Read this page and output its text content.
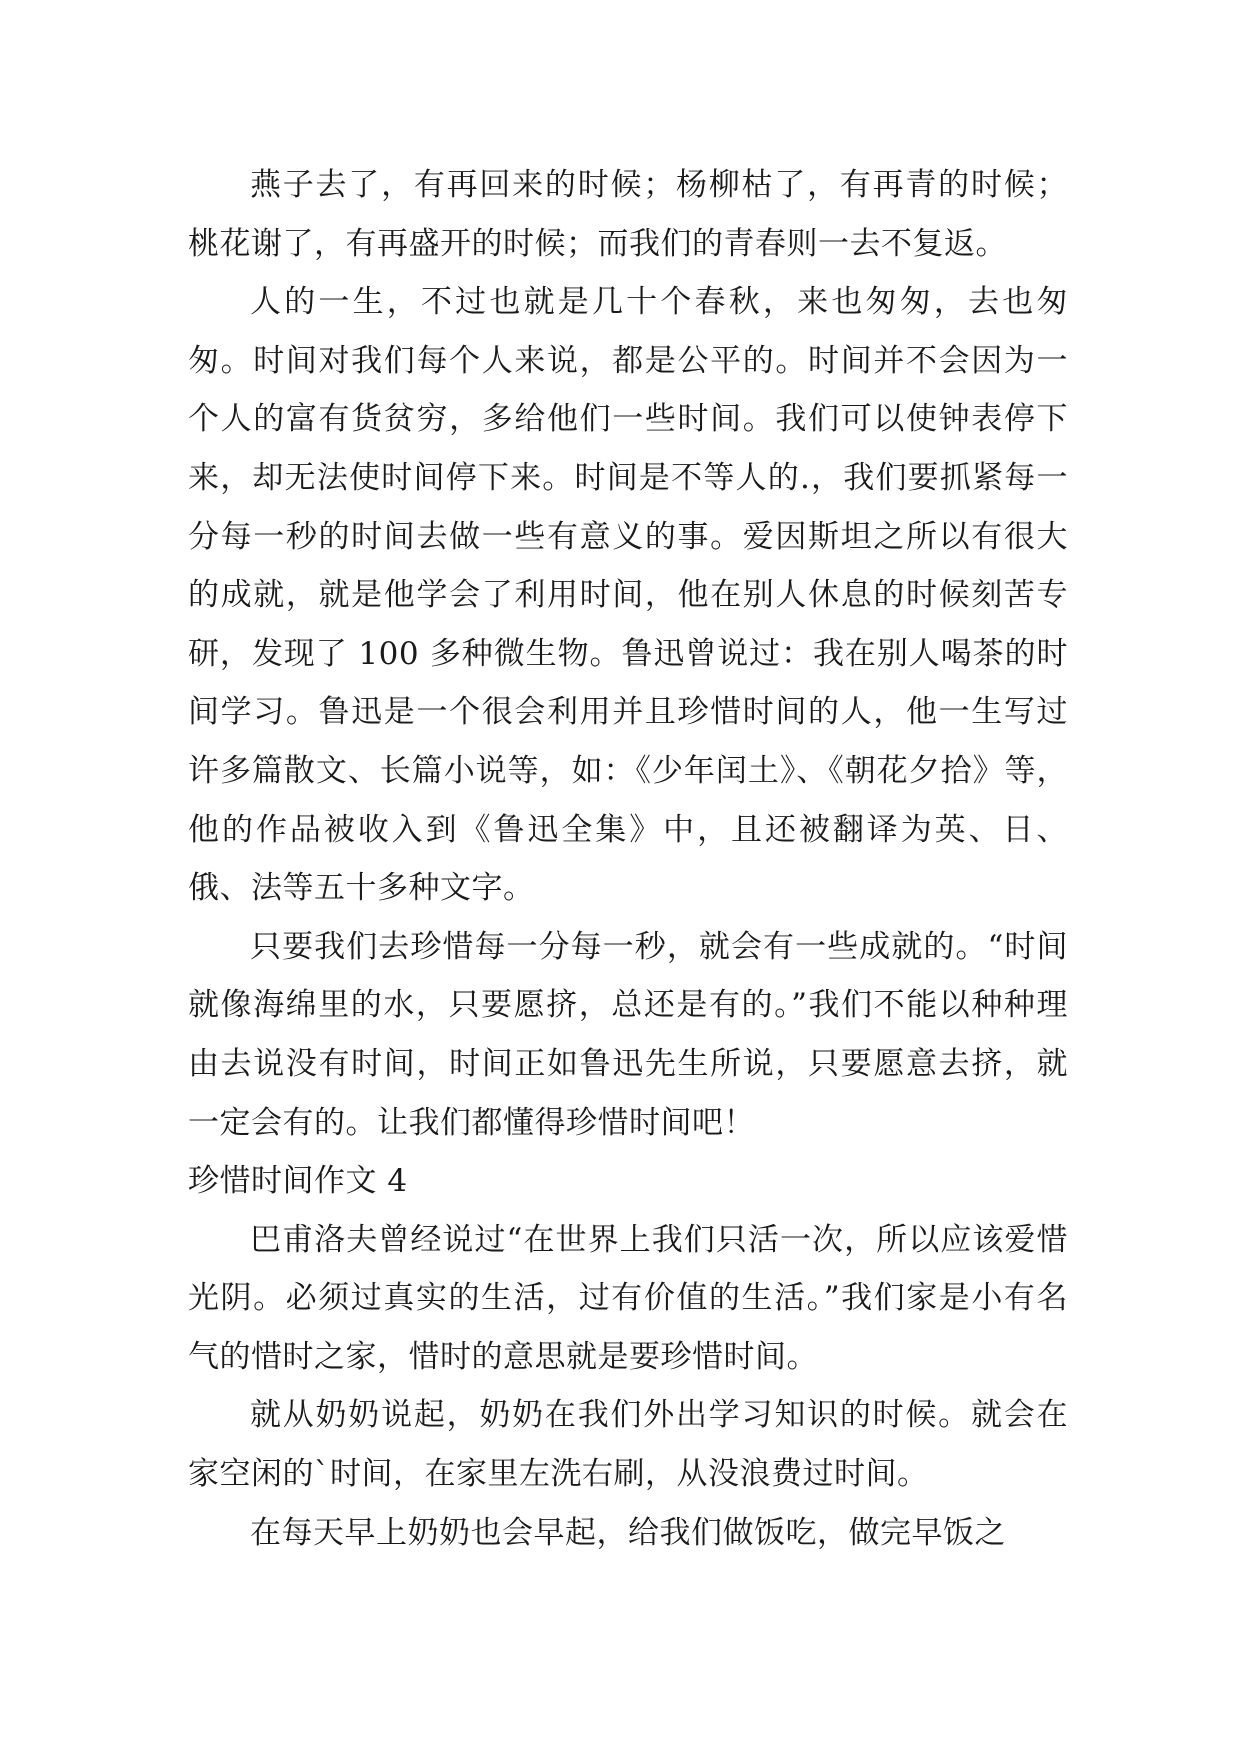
燕子去了，有再回来的时候；杨柳枯了，有再青的时候；桃花谢了，有再盛开的时候；而我们的青春则一去不复返。

人的一生，不过也就是几十个春秋，来也匆匆，去也匆匆。时间对我们每个人来说，都是公平的。时间并不会因为一个人的富有货贫穷，多给他们一些时间。我们可以使钟表停下来，却无法使时间停下来。时间是不等人的.，我们要抓紧每一分每一秒的时间去做一些有意义的事。爱因斯坦之所以有很大的成就，就是他学会了利用时间，他在别人休息的时候刻苦专研，发现了 100 多种微生物。鲁迅曾说过：我在别人喝茶的时间学习。鲁迅是一个很会利用并且珍惜时间的人，他一生写过许多篇散文、长篇小说等，如：《少年闰土》、《朝花夕拾》等，他的作品被收入到《鲁迅全集》中，且还被翻译为英、日、俄、法等五十多种文字。

只要我们去珍惜每一分每一秒，就会有一些成就的。“时间就像海绵里的水，只要愿挤，总还是有的。”我们不能以种种理由去说没有时间，时间正如鲁迅先生所说，只要愿意去挤，就一定会有的。让我们都懂得珍惜时间吧！

珍惜时间作文 4

巴甫洛夫曾经说过“在世界上我们只活一次，所以应该爱惜光阴。必须过真实的生活，过有价值的生活。”我们家是小有名气的惜时之家，惜时的意思就是要珍惜时间。

就从奶奶说起，奶奶在我们外出学习知识的时候。就会在家空闲的`时间，在家里左洗右刷，从没浪费过时间。

在每天早上奶奶也会早起，给我们做饭吃，做完早饭之
